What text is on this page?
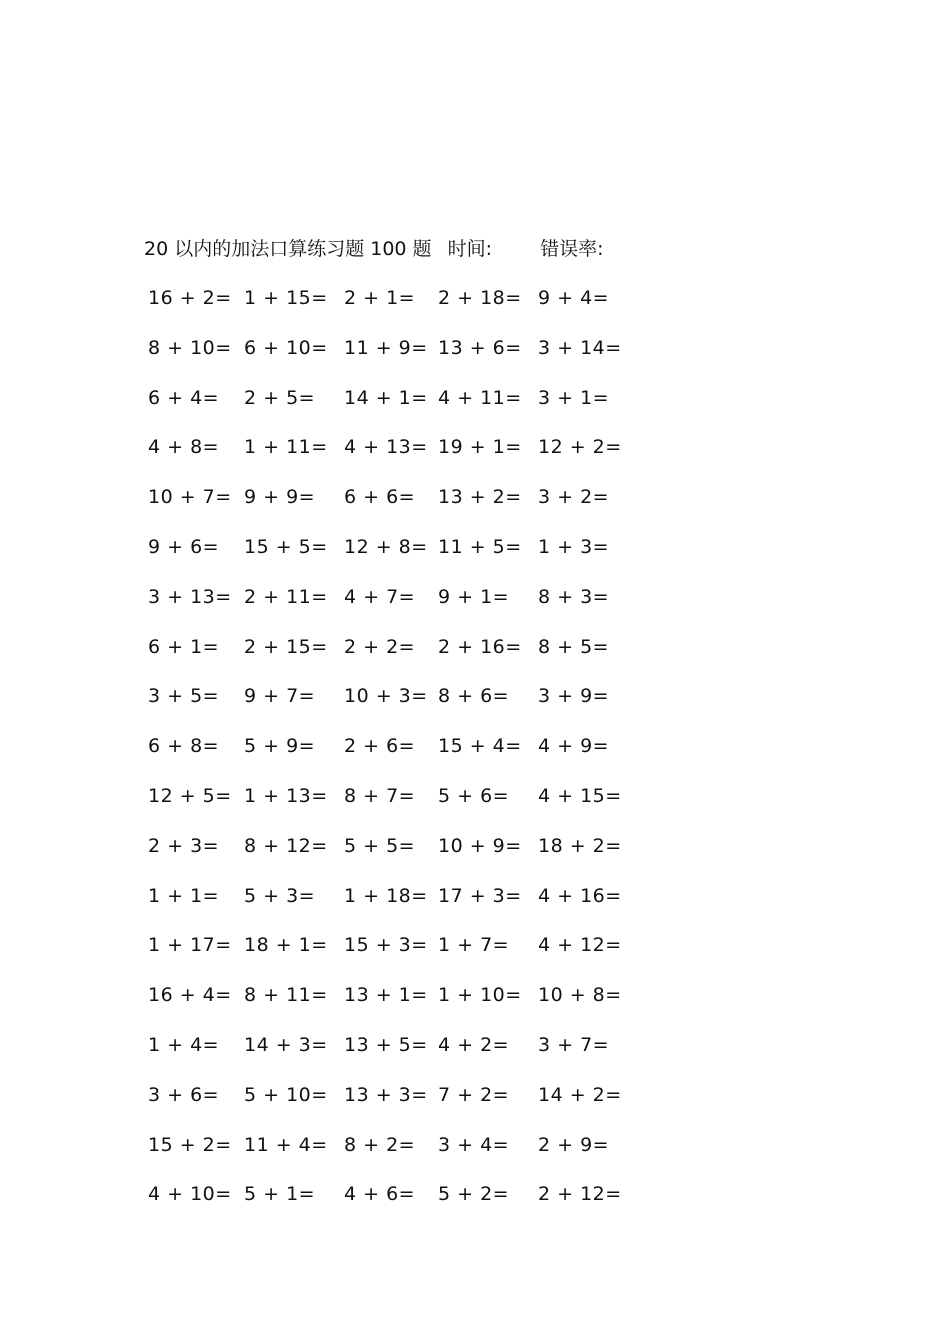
20 以内的加法口算练习题 100 题 时间:	错误率:
16 + 2= 1 + 15= 2 + 1= 2 + 18= 9 + 4=
8 + 10= 6 + 10= 11 + 9= 13 + 6= 3 + 14=
6 + 4= 2 + 5= 14 + 1= 4 + 11= 3 + 1=
4 + 8= 1 + 11= 4 + 13= 19 + 1= 12 + 2=
10 + 7= 9 + 9= 6 + 6= 13 + 2= 3 + 2=
9 + 6= 15 + 5= 12 + 8= 11 + 5= 1 + 3=
3 + 13= 2 + 11= 4 + 7= 9 + 1= 8 + 3=
6 + 1= 2 + 15= 2 + 2= 2 + 16= 8 + 5=
3 + 5= 9 + 7= 10 + 3= 8 + 6= 3 + 9=
6 + 8= 5 + 9= 2 + 6= 15 + 4= 4 + 9=
12 + 5= 1 + 13= 8 + 7= 5 + 6= 4 + 15=
2 + 3= 8 + 12= 5 + 5= 10 + 9= 18 + 2=
1 + 1= 5 + 3= 1 + 18= 17 + 3= 4 + 16=
1 + 17= 18 + 1= 15 + 3= 1 + 7= 4 + 12=
16 + 4= 8 + 11= 13 + 1= 1 + 10= 10 + 8=
1 + 4= 14 + 3= 13 + 5= 4 + 2= 3 + 7=
3 + 6= 5 + 10= 13 + 3= 7 + 2= 14 + 2=
15 + 2= 11 + 4= 8 + 2= 3 + 4= 2 + 9=
4 + 10= 5 + 1= 4 + 6= 5 + 2= 2 + 12=
